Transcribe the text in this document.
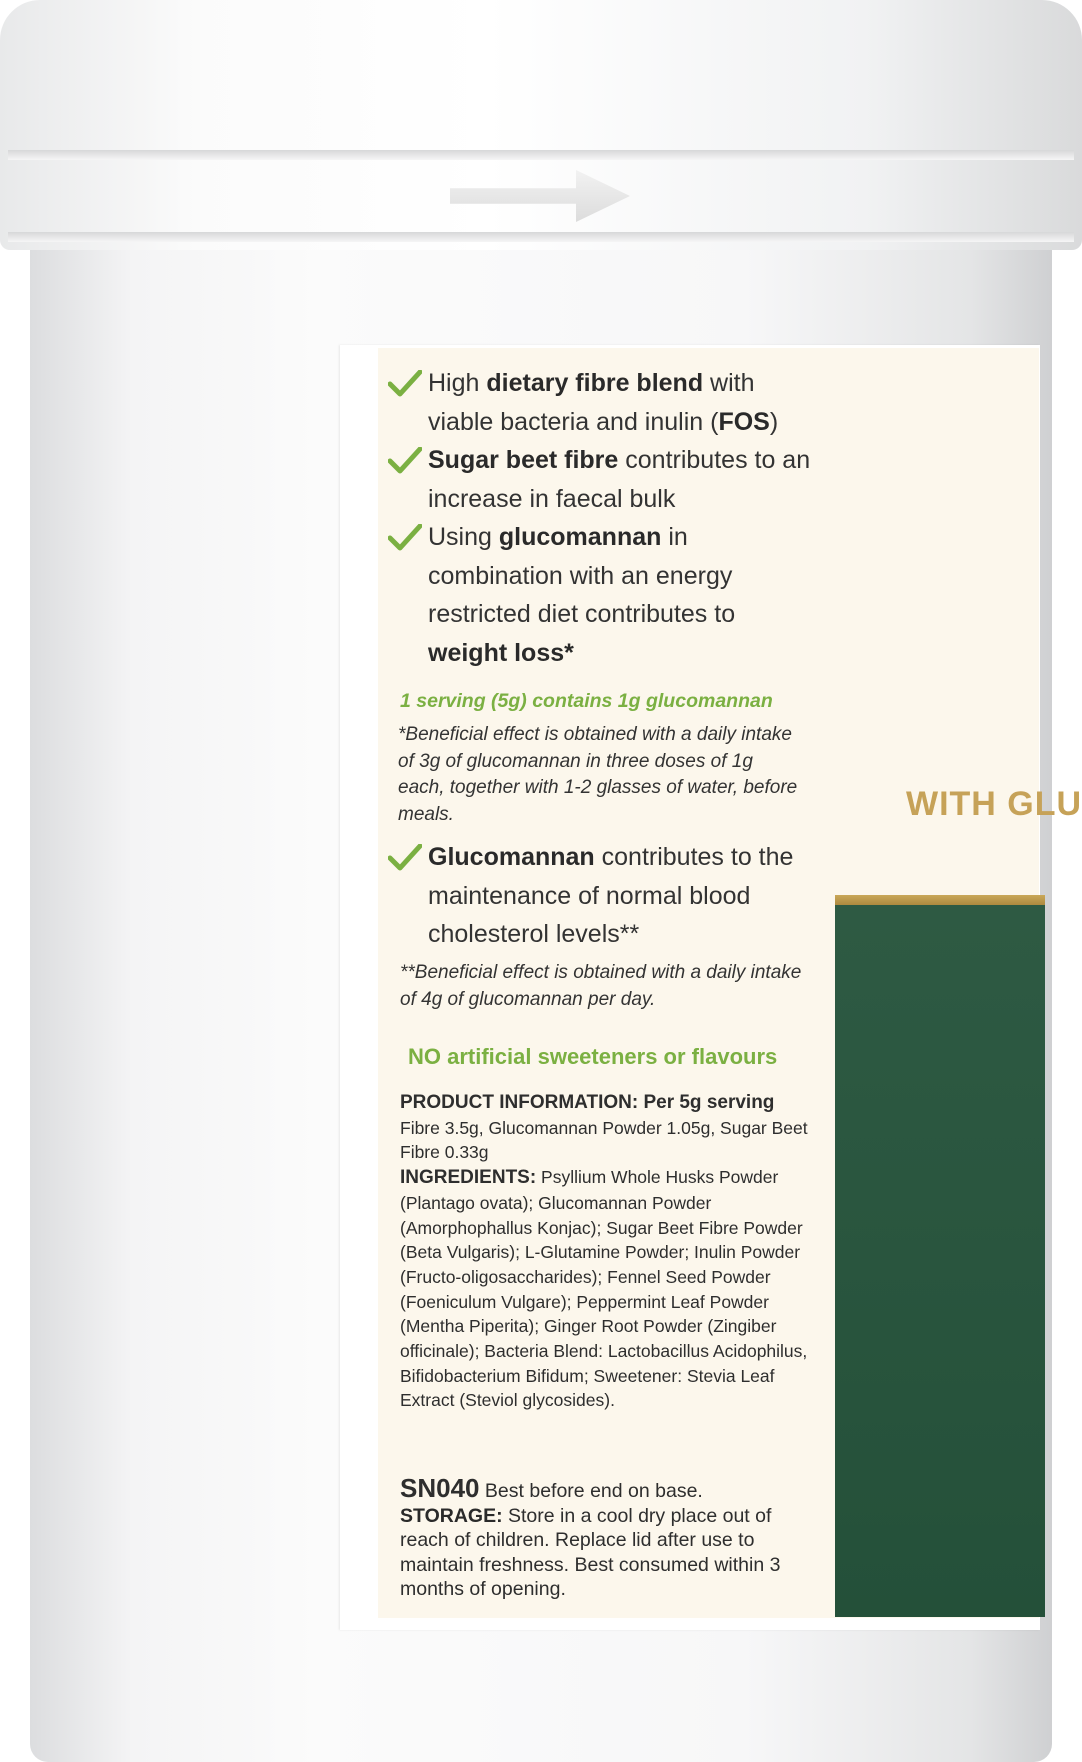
WITH GLU
High dietary fibre blend with viable bacteria and inulin (FOS)
Sugar beet fibre contributes to an increase in faecal bulk
Using glucomannan in combination with an energy restricted diet contributes to weight loss*
1 serving (5g) contains 1g glucomannan
*Beneficial effect is obtained with a daily intake of 3g of glucomannan in three doses of 1g each, together with 1-2 glasses of water, before meals.
Glucomannan contributes to the maintenance of normal blood cholesterol levels**
**Beneficial effect is obtained with a daily intake of 4g of glucomannan per day.
NO artificial sweeteners or flavours
PRODUCT INFORMATION: Per 5g serving
Fibre 3.5g, Glucomannan Powder 1.05g, Sugar Beet Fibre 0.33g
INGREDIENTS: Psyllium Whole Husks Powder (Plantago ovata); Glucomannan Powder (Amorphophallus Konjac); Sugar Beet Fibre Powder (Beta Vulgaris); L-Glutamine Powder; Inulin Powder (Fructo-oligosaccharides); Fennel Seed Powder (Foeniculum Vulgare); Peppermint Leaf Powder (Mentha Piperita); Ginger Root Powder (Zingiber officinale); Bacteria Blend: Lactobacillus Acidophilus, Bifidobacterium Bifidum; Sweetener: Stevia Leaf Extract (Steviol glycosides).
SN040 Best before end on base.
STORAGE: Store in a cool dry place out of reach of children. Replace lid after use to maintain freshness. Best consumed within 3 months of opening.
